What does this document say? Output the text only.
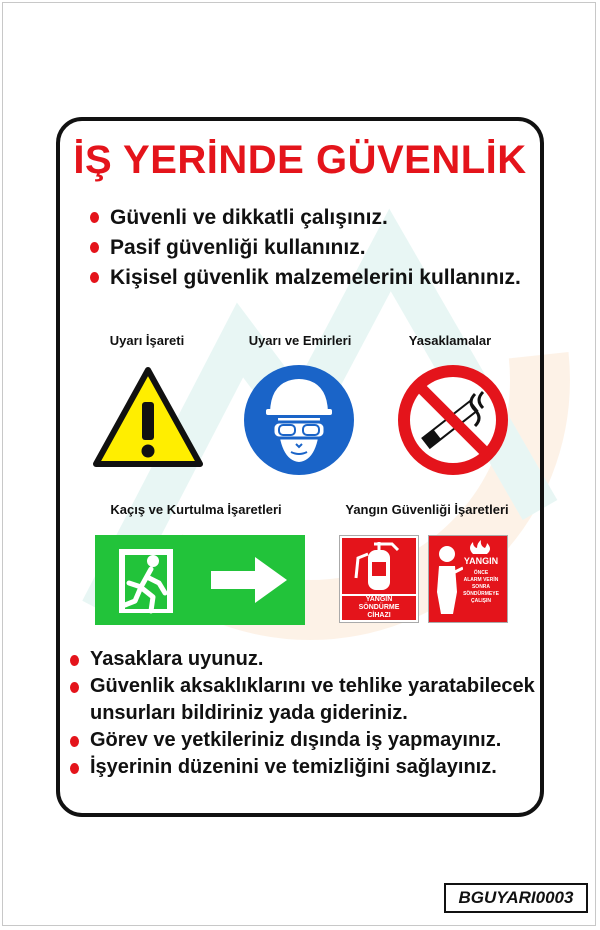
İŞ YERİNDE GÜVENLİK
Güvenli ve dikkatli çalışınız.
Pasif güvenliği kullanınız.
Kişisel güvenlik malzemelerini kullanınız.
Uyarı İşareti	Uyarı ve Emirleri	Yasaklamalar
Kaçış ve Kurtulma İşaretleri	Yangın Güvenliği İşaretleri
YANGIN
SÖNDÜRME
CİHAZI
YANGIN
ÖNCE
ALARM VERİN
SONRA
SÖNDÜRMEYE
ÇALIŞIN
Yasaklara uyunuz.
Güvenlik aksaklıklarını ve tehlike yaratabilecek unsurları bildiriniz yada gideriniz.
Görev ve yetkileriniz dışında iş yapmayınız.
İşyerinin düzenini ve temizliğini sağlayınız.
BGUYARI0003
